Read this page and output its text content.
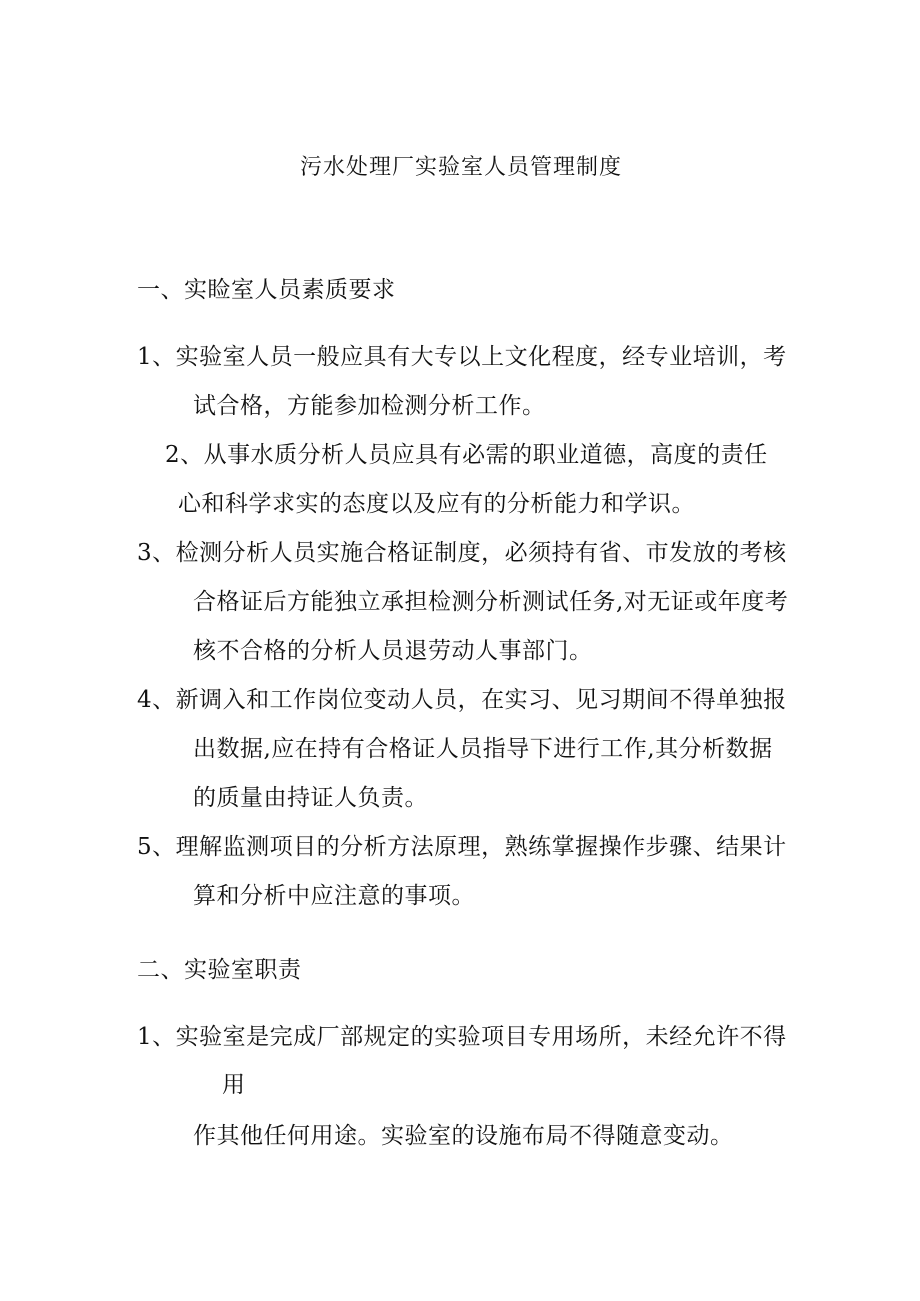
污水处理厂实验室人员管理制度
一、实睑室人员素质要求
1、实验室人员一般应具有大专以上文化程度，经专业培训，考
试合格，方能参加检测分析工作。
2、从事水质分析人员应具有必需的职业道德，高度的责任
心和科学求实的态度以及应有的分析能力和学识。
3、检测分析人员实施合格证制度，必须持有省、市发放的考核
合格证后方能独立承担检测分析测试任务,对无证或年度考
核不合格的分析人员退劳动人事部门。
4、新调入和工作岗位变动人员，在实习、见习期间不得单独报
出数据,应在持有合格证人员指导下进行工作,其分析数据
的质量由持证人负责。
5、理解监测项目的分析方法原理，熟练掌握操作步骤、结果计
算和分析中应注意的事项。
二、实验室职责
1、实验室是完成厂部规定的实验项目专用场所，未经允许不得
用
作其他任何用途。实验室的设施布局不得随意变动。
